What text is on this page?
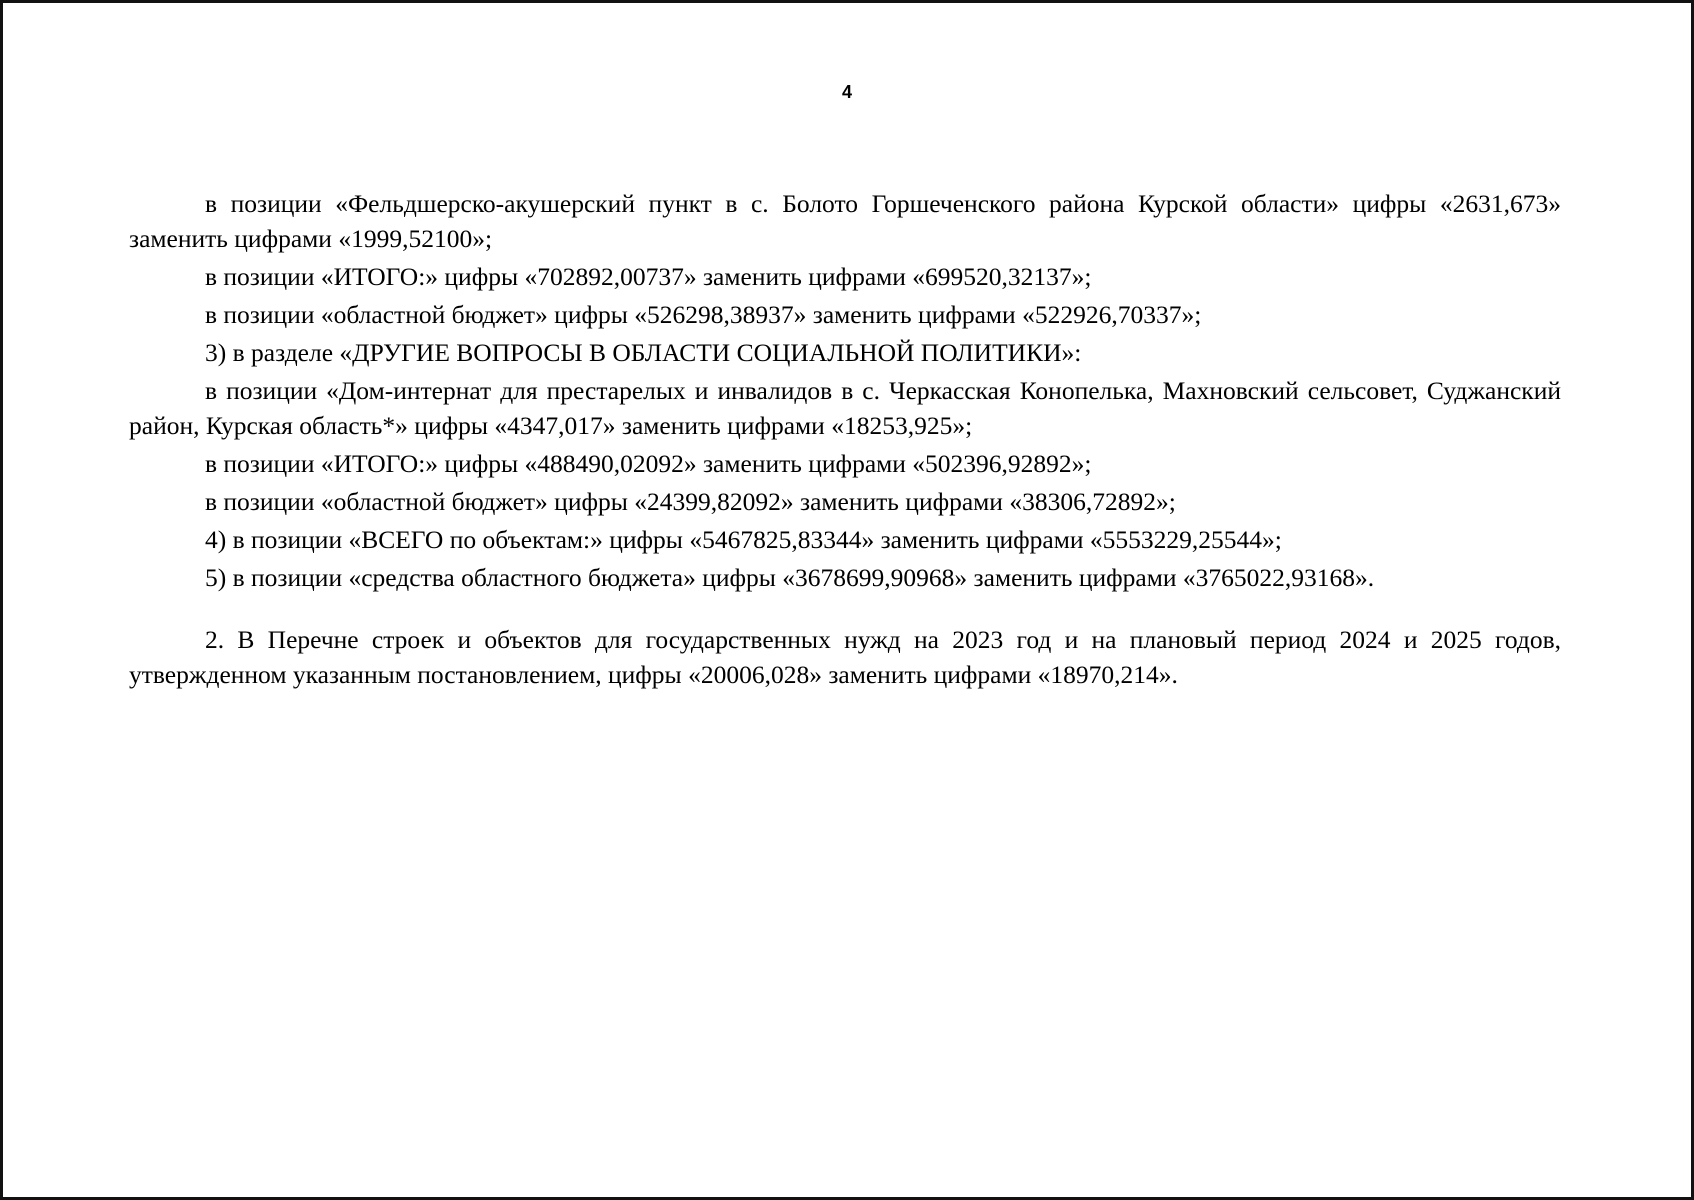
4

в позиции «Фельдшерско-акушерский пункт в с. Болото Горшеченского района Курской области» цифры «2631,673» заменить цифрами «1999,52100»;

в позиции «ИТОГО:» цифры «702892,00737» заменить цифрами «699520,32137»;

в позиции «областной бюджет» цифры «526298,38937» заменить цифрами «522926,70337»;

3) в разделе «ДРУГИЕ ВОПРОСЫ В ОБЛАСТИ СОЦИАЛЬНОЙ ПОЛИТИКИ»:

в позиции «Дом-интернат для престарелых и инвалидов в с. Черкасская Конопелька, Махновский сельсовет, Суджанский район, Курская область*» цифры «4347,017» заменить цифрами «18253,925»;

в позиции «ИТОГО:» цифры «488490,02092» заменить цифрами «502396,92892»;

в позиции «областной бюджет» цифры «24399,82092» заменить цифрами «38306,72892»;

4) в позиции «ВСЕГО по объектам:» цифры «5467825,83344» заменить цифрами «5553229,25544»;

5) в позиции «средства областного бюджета» цифры «3678699,90968» заменить цифрами «3765022,93168».

2. В Перечне строек и объектов для государственных нужд на 2023 год и на плановый период 2024 и 2025 годов, утвержденном указанным постановлением, цифры «20006,028» заменить цифрами «18970,214».
